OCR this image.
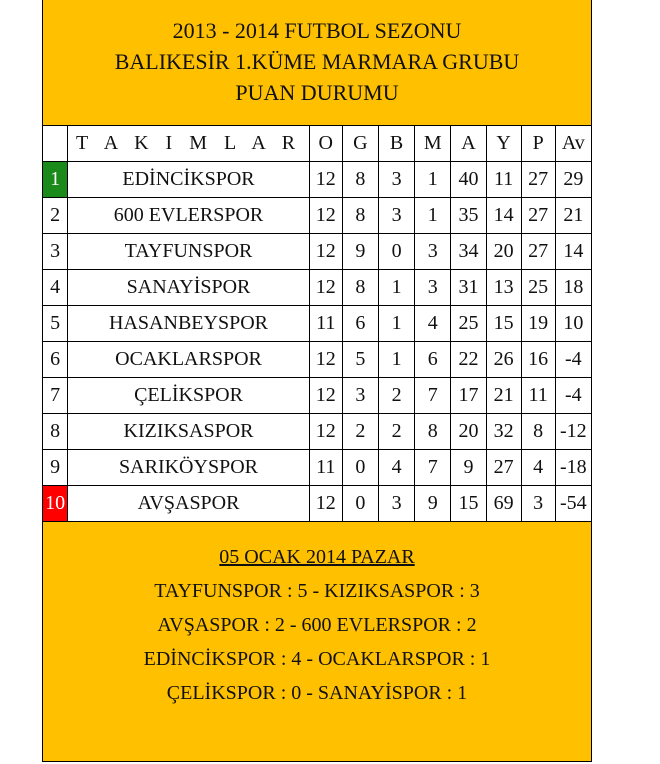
2013 - 2014 FUTBOL SEZONU
BALIKESİR 1.KÜME MARMARA GRUBU
PUAN DURUMU
	T A K I M L A R	O	G	B	M	A	Y	P	Av
1	EDİNCİKSPOR	12	8	3	1	40	11	27	29
2	600 EVLERSPOR	12	8	3	1	35	14	27	21
3	TAYFUNSPOR	12	9	0	3	34	20	27	14
4	SANAYİSPOR	12	8	1	3	31	13	25	18
5	HASANBEYSPOR	11	6	1	4	25	15	19	10
6	OCAKLARSPOR	12	5	1	6	22	26	16	-4
7	ÇELİKSPOR	12	3	2	7	17	21	11	-4
8	KIZIKSASPOR	12	2	2	8	20	32	8	-12
9	SARIKÖYSPOR	11	0	4	7	9	27	4	-18
10	AVŞASPOR	12	0	3	9	15	69	3	-54
05 OCAK 2014 PAZAR
TAYFUNSPOR : 5 - KIZIKSASPOR : 3
AVŞASPOR : 2 - 600 EVLERSPOR : 2
EDİNCİKSPOR : 4 - OCAKLARSPOR : 1
ÇELİKSPOR : 0 - SANAYİSPOR : 1
